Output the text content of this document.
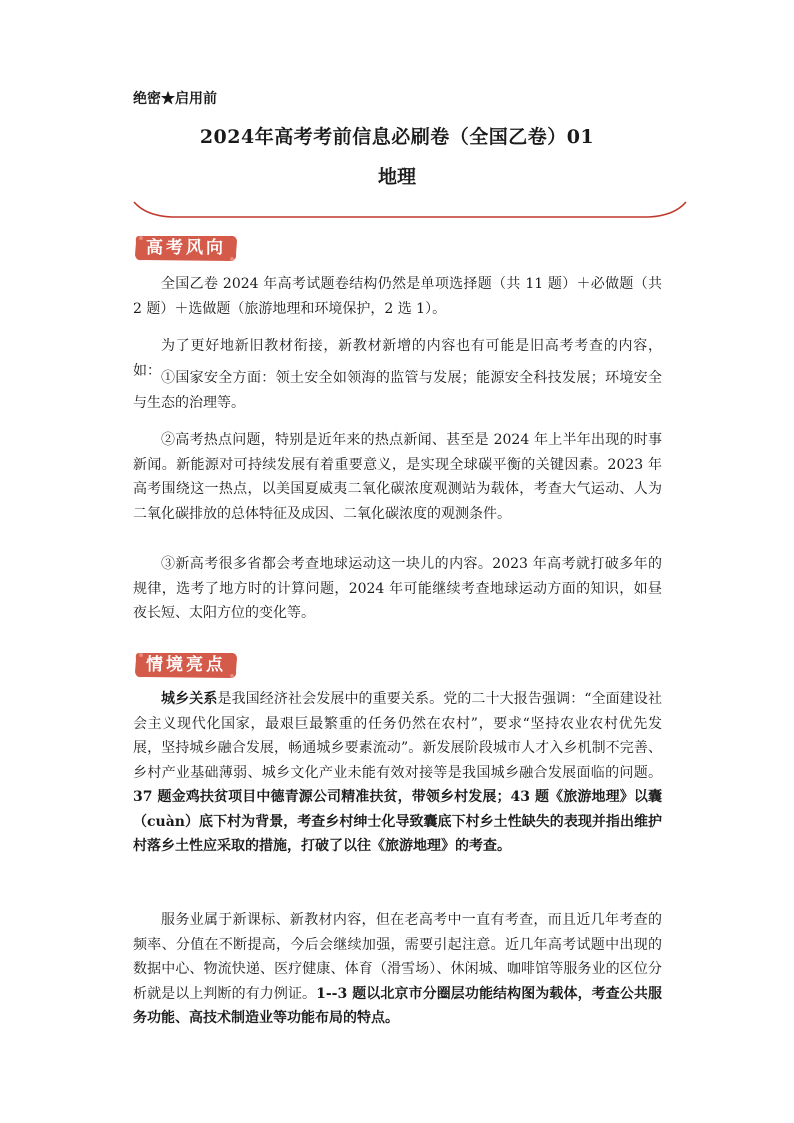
绝密★启用前
2024年高考考前信息必刷卷（全国乙卷）01
地理
高考风向

全国乙卷 2024 年高考试题卷结构仍然是单项选择题（共 11 题）＋必做题（共 2 题）＋选做题（旅游地理和环境保护，2 选 1）。

为了更好地新旧教材衔接，新教材新增的内容也有可能是旧高考考查的内容，如： ①国家安全方面：领土安全如领海的监管与发展；能源安全科技发展；环境安全与生态的治理等。

②高考热点问题，特别是近年来的热点新闻、甚至是 2024 年上半年出现的时事新闻。新能源对可持续发展有着重要意义，是实现全球碳平衡的关键因素。2023 年高考围绕这一热点，以美国夏威夷二氧化碳浓度观测站为载体，考查大气运动、人为二氧化碳排放的总体特征及成因、二氧化碳浓度的观测条件。

③新高考很多省都会考查地球运动这一块儿的内容。2023 年高考就打破多年的规律，选考了地方时的计算问题，2024 年可能继续考查地球运动方面的知识，如昼夜长短、太阳方位的变化等。

情境亮点

城乡关系是我国经济社会发展中的重要关系。党的二十大报告强调：“全面建设社会主义现代化国家，最艰巨最繁重的任务仍然在农村”，要求“坚持农业农村优先发展，坚持城乡融合发展，畅通城乡要素流动”。新发展阶段城市人才入乡机制不完善、乡村产业基础薄弱、城乡文化产业未能有效对接等是我国城乡融合发展面临的问题。37 题金鸡扶贫项目中德青源公司精准扶贫，带领乡村发展；43 题《旅游地理》以囊（cuàn）底下村为背景，考查乡村绅士化导致囊底下村乡土性缺失的表现并指出维护村落乡土性应采取的措施，打破了以往《旅游地理》的考查。

服务业属于新课标、新教材内容，但在老高考中一直有考查，而且近几年考查的频率、分值在不断提高，今后会继续加强，需要引起注意。近几年高考试题中出现的数据中心、物流快递、医疗健康、体育（滑雪场）、休闲城、咖啡馆等服务业的区位分析就是以上判断的有力例证。1--3 题以北京市分圈层功能结构图为载体，考查公共服务功能、高技术制造业等功能布局的特点。
